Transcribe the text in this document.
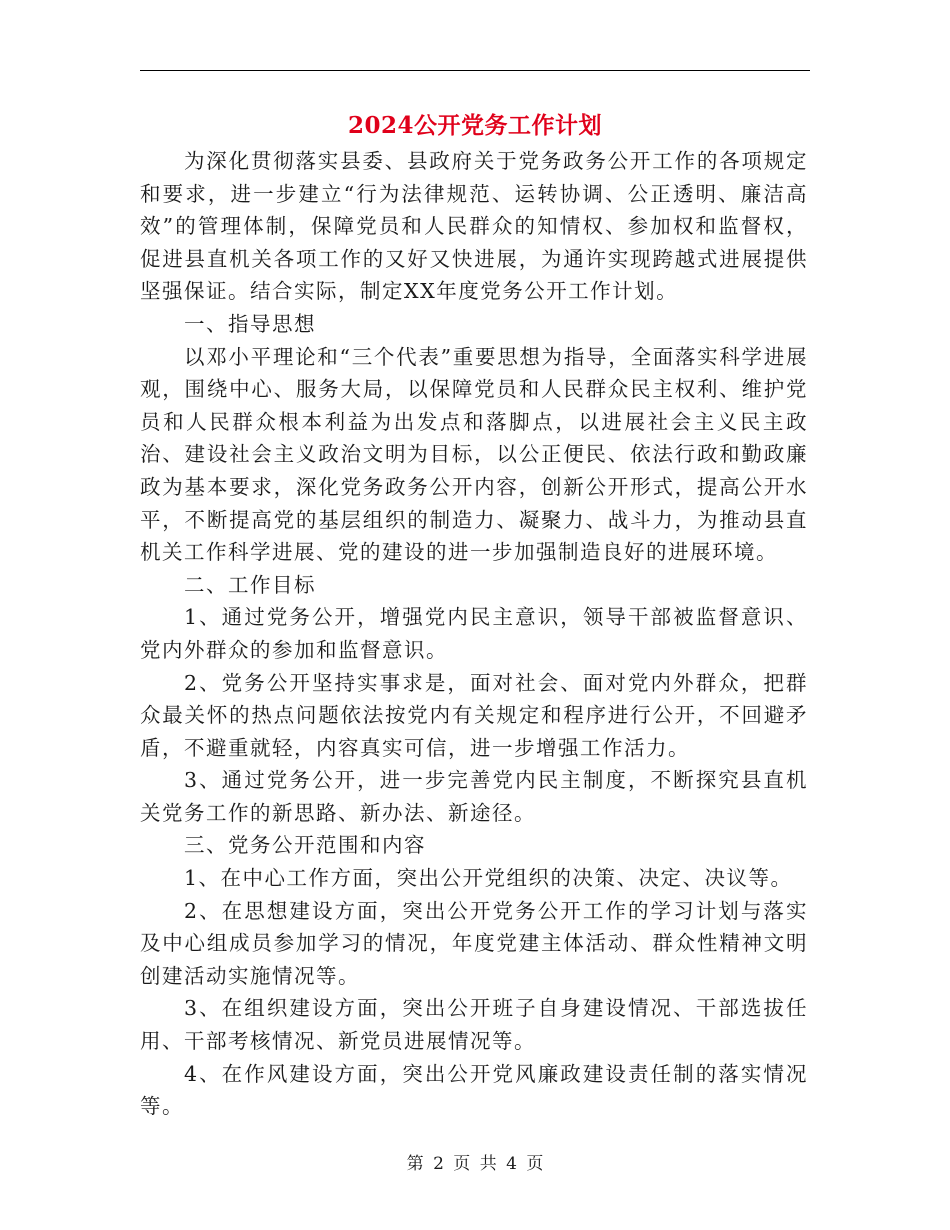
2024公开党务工作计划

为深化贯彻落实县委、县政府关于党务政务公开工作的各项规定和要求，进一步建立“行为法律规范、运转协调、公正透明、廉洁高效”的管理体制，保障党员和人民群众的知情权、参加权和监督权，促进县直机关各项工作的又好又快进展，为通许实现跨越式进展提供坚强保证。结合实际，制定XX年度党务公开工作计划。

一、指导思想

以邓小平理论和“三个代表”重要思想为指导，全面落实科学进展观，围绕中心、服务大局，以保障党员和人民群众民主权利、维护党员和人民群众根本利益为出发点和落脚点，以进展社会主义民主政治、建设社会主义政治文明为目标，以公正便民、依法行政和勤政廉政为基本要求，深化党务政务公开内容，创新公开形式，提高公开水平，不断提高党的基层组织的制造力、凝聚力、战斗力，为推动县直机关工作科学进展、党的建设的进一步加强制造良好的进展环境。

二、工作目标

1、通过党务公开，增强党内民主意识，领导干部被监督意识、党内外群众的参加和监督意识。

2、党务公开坚持实事求是，面对社会、面对党内外群众，把群众最关怀的热点问题依法按党内有关规定和程序进行公开，不回避矛盾，不避重就轻，内容真实可信，进一步增强工作活力。

3、通过党务公开，进一步完善党内民主制度，不断探究县直机关党务工作的新思路、新办法、新途径。

三、党务公开范围和内容

1、在中心工作方面，突出公开党组织的决策、决定、决议等。

2、在思想建设方面，突出公开党务公开工作的学习计划与落实及中心组成员参加学习的情况，年度党建主体活动、群众性精神文明创建活动实施情况等。

3、在组织建设方面，突出公开班子自身建设情况、干部选拔任用、干部考核情况、新党员进展情况等。

4、在作风建设方面，突出公开党风廉政建设责任制的落实情况等。

第 2 页 共 4 页
